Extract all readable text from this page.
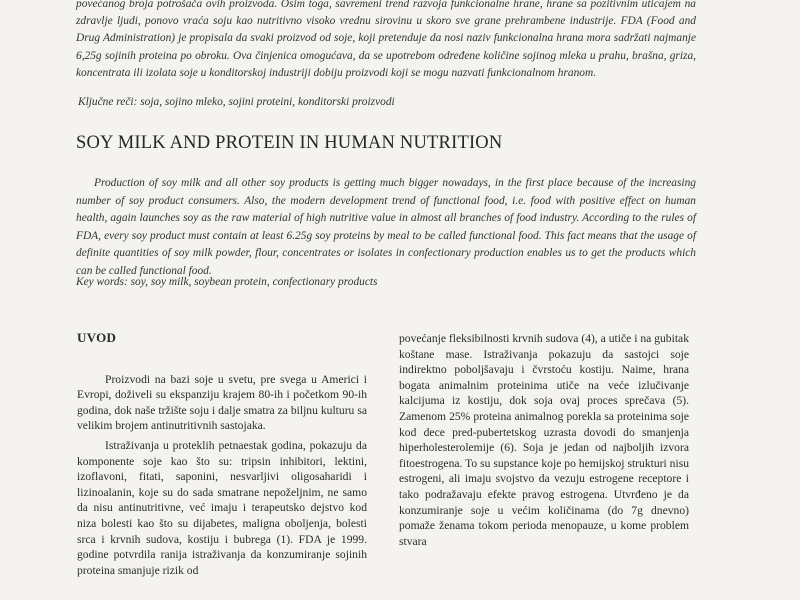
povećanog broja potrošača ovih proizvoda. Osim toga, savremeni trend razvoja funkcionalne hrane, hrane sa pozitivnim uticajem na zdravlje ljudi, ponovo vraća soju kao nutritivno visoko vrednu sirovinu u skoro sve grane prehrambene industrije. FDA (Food and Drug Administration) je propisala da svaki proizvod od soje, koji pretenduje da nosi naziv funkcionalna hrana mora sadržati najmanje 6,25g sojinih proteina po obroku. Ova činjenica omogućava, da se upotrebom određene količine sojinog mleka u prahu, brašna, griza, koncentrata ili izolata soje u konditorskoj industriji dobiju proizvodi koji se mogu nazvati funkcionalnom hranom.
Ključne reči: soja, sojino mleko, sojini proteini, konditorski proizvodi
SOY MILK AND PROTEIN IN HUMAN NUTRITION

Production of soy milk and all other soy products is getting much bigger nowadays, in the first place because of the increasing number of soy product consumers. Also, the modern development trend of functional food, i.e. food with positive effect on human health, again launches soy as the raw material of high nutritive value in almost all branches of food industry. According to the rules of FDA, every soy product must contain at least 6.25g soy proteins by meal to be called functional food. This fact means that the usage of definite quantities of soy milk powder, flour, concentrates or isolates in confectionary production enables us to get the products which can be called functional food.

Key words: soy, soy milk, soybean protein, confectionary products
UVOD

Proizvodi na bazi soje u svetu, pre svega u Americi i Evropi, doživeli su ekspanziju krajem 80-ih i početkom 90-ih godina, dok naše tržište soju i dalje smatra za biljnu kulturu sa velikim brojem antinutritivnih sastojaka.

Istraživanja u proteklih petnaestak godina, pokazuju da komponente soje kao što su: tripsin inhibitori, lektini, izoflavoni, fitati, saponini, nesvarljivi oligosaharidi i lizinoalanin, koje su do sada smatrane nepoželjnim, ne samo da nisu antinutritivne, već imaju i terapeutsko dejstvo kod niza bolesti kao što su dijabetes, maligna oboljenja, bolesti srca i krvnih sudova, kostiju i bubrega (1). FDA je 1999. godine potvrdila ranija istraživanja da konzumiranje sojinih proteina smanjuje rizik od

povećanje fleksibilnosti krvnih sudova (4), a utiče i na gubitak koštane mase. Istraživanja pokazuju da sastojci soje indirektno poboljšavaju i čvrstoću kostiju. Naime, hrana bogata animalnim proteinima utiče na veće izlučivanje kalcijuma iz kostiju, dok soja ovaj proces sprečava (5). Zamenom 25% proteina animalnog porekla sa proteinima soje kod dece pred-pubertetskog uzrasta dovodi do smanjenja hiperholesterolemije (6). Soja je jedan od najboljih izvora fitoestrogena. To su supstance koje po hemijskoj strukturi nisu estrogeni, ali imaju svojstvo da vezuju estrogene receptore i tako podražavaju efekte pravog estrogena. Utvrđeno je da konzumiranje soje u većim količinama (do 7g dnevno) pomaže ženama tokom perioda menopauze, u kome problem stvara
